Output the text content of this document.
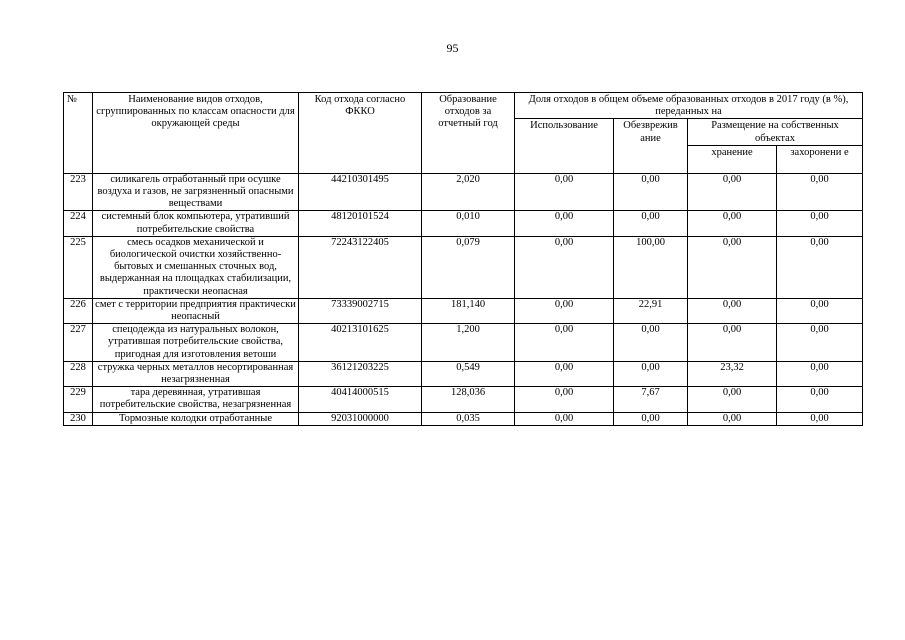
95
№	Наименование видов отходов, сгруппированных по классам опасности для окружающей среды	Код отхода согласно ФККО	Образование отходов за отчетный год	Доля отходов в общем объеме образованных отходов в 2017 году (в %), переданных на			
				Использование	Обезврежив ание	Размещение на собственных объектах	

						хранение	захоронени е
223	силикагель отработанный при осушке воздуха и газов, не загрязненный опасными веществами	44210301495	2,020	0,00	0,00	0,00	0,00
224	системный блок компьютера, утративший потребительские свойства	48120101524	0,010	0,00	0,00	0,00	0,00
225	смесь осадков механической и биологической очистки хозяйственно-бытовых и смешанных сточных вод, выдержанная на площадках стабилизации, практически неопасная	72243122405	0,079	0,00	100,00	0,00	0,00
226	смет с территории предприятия практически неопасный	73339002715	181,140	0,00	22,91	0,00	0,00
227	спецодежда из натуральных волокон, утратившая потребительские свойства, пригодная для изготовления ветоши	40213101625	1,200	0,00	0,00	0,00	0,00
228	стружка черных металлов несортированная незагрязненная	36121203225	0,549	0,00	0,00	23,32	0,00
229	тара деревянная, утратившая потребительские свойства, незагрязненная	40414000515	128,036	0,00	7,67	0,00	0,00
230	Тормозные колодки отработанные	92031000000	0,035	0,00	0,00	0,00	0,00
